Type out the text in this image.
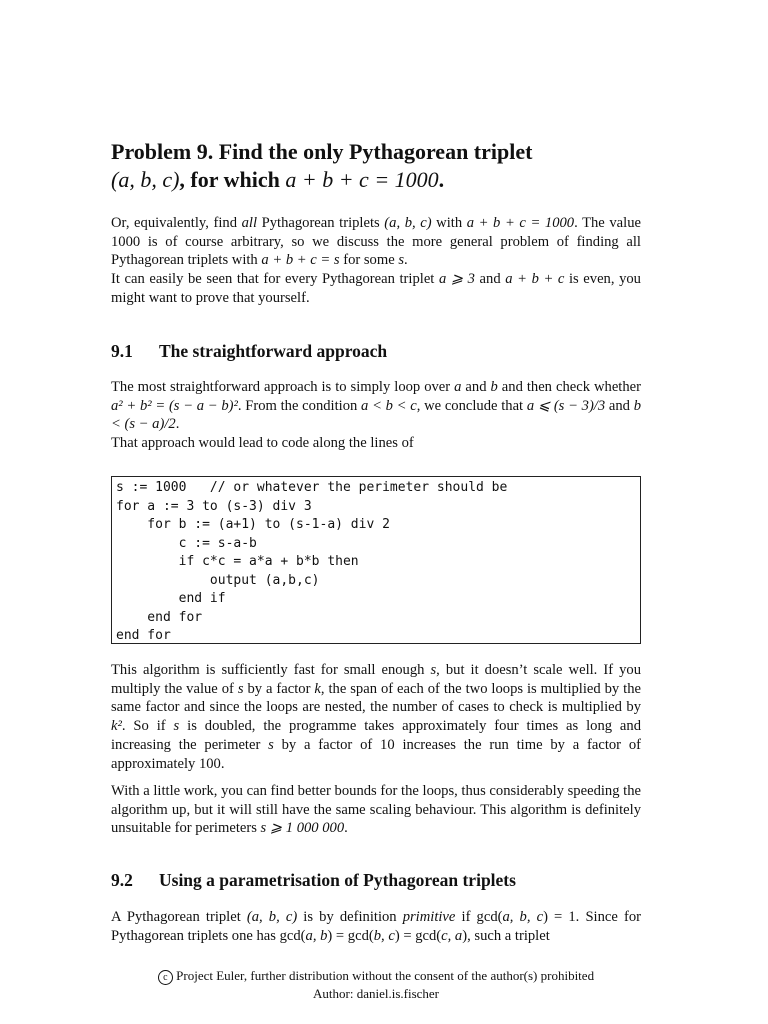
Problem 9. Find the only Pythagorean triplet
(a, b, c), for which a + b + c = 1000.

Or, equivalently, find all Pythagorean triplets (a, b, c) with a + b + c = 1000. The value 1000 is of course arbitrary, so we discuss the more general problem of finding all Pythagorean triplets with a + b + c = s for some s.
It can easily be seen that for every Pythagorean triplet a ⩾ 3 and a + b + c is even, you might want to prove that yourself.

9.1 The straightforward approach

The most straightforward approach is to simply loop over a and b and then check whether a² + b² = (s − a − b)². From the condition a < b < c, we conclude that a ⩽ (s − 3)/3 and b < (s − a)/2.
That approach would lead to code along the lines of

s := 1000   // or whatever the perimeter should be
for a := 3 to (s-3) div 3
for b := (a+1) to (s-1-a) div 2
c := s-a-b
if c*c = a*a + b*b then
output (a,b,c)
end if
end for
end for

This algorithm is sufficiently fast for small enough s, but it doesn’t scale well. If you multiply the value of s by a factor k, the span of each of the two loops is multiplied by the same factor and since the loops are nested, the number of cases to check is multiplied by k². So if s is doubled, the programme takes approximately four times as long and increasing the perimeter s by a factor of 10 increases the run time by a factor of approximately 100.

With a little work, you can find better bounds for the loops, thus considerably speeding the algorithm up, but it will still have the same scaling behaviour. This algorithm is definitely unsuitable for perimeters s ⩾ 1 000 000.

9.2 Using a parametrisation of Pythagorean triplets

A Pythagorean triplet (a, b, c) is by definition primitive if gcd(a, b, c) = 1. Since for Pythagorean triplets one has gcd(a, b) = gcd(b, c) = gcd(c, a), such a triplet

c Project Euler, further distribution without the consent of the author(s) prohibited
Author: daniel.is.fischer
